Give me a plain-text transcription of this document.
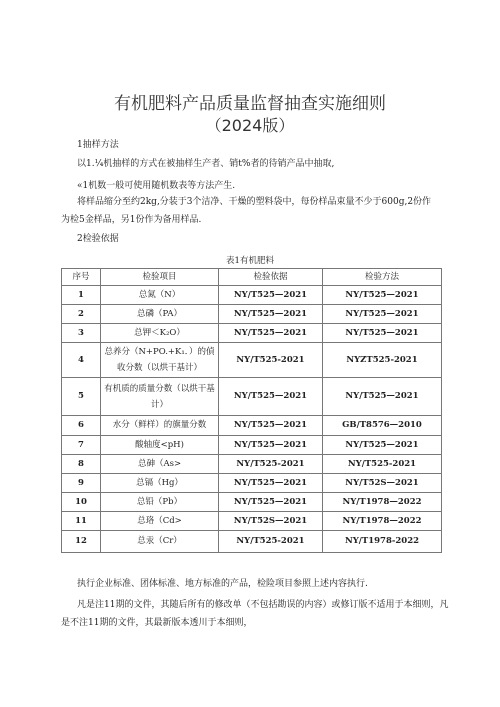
有机肥料产品质量监督抽查实施细则
（2024版）
1抽样方法
以1.¼机抽样的方式在被抽样生产者、销t%者的待销产品中抽取,
«1机数一般可使用随机数表等方法产生.
将样品缩分至约2kg,分装于3个洁净、干燥的塑料袋中，每份样品束量不少于600g,2份作
为检5金样品，另1份作为备用样品.
2检验依据
表1有机肥料
序号	检验项目	检验依据	检验方法
1	总氮（N）	NY/T525—2021	NY/T525—2021
2	总磷（PA）	NY/T525—2021	NY/T525—2021
3	总钾＜K₂O）	NY/T525—2021	NY/T525—2021
4	总养分（N+PO.+K₁．）的偵收分数（以烘干基计）	NY/T525-2021	NYZT525-2021
5	有机质的质量分数（以烘干基计）	NY/T525—2021	NY/T525—2021
6	水分（鲜样）的旗量分数	NY/T525—2021	GB/T8576—2010
7	酸轴度<pH)	NY/T525—2021	NY/T525—2021
8	总砷（As>	NY/T525-2021	NY/T525-2021
9	总镉（Hg）	NY/T525—2021	NY/T52S—2021
10	总铅（Pb）	NY/T525—2021	NY/T1978—2022
11	总珞（Cd>	NY/T52S—2021	NY/T1978—2022
12	总汞（Cr）	NY/T525-2021	NY/T1978-2022
执行企业标准、团体标准、地方标准的产品，检险项目参照上述内容执行.
凡是注11期的文件，其随后所有的修改单（不包括勘误的内容）或修订版不适用于本细则，凡
是不注11期的文件，其最新版本透川于本细则，
